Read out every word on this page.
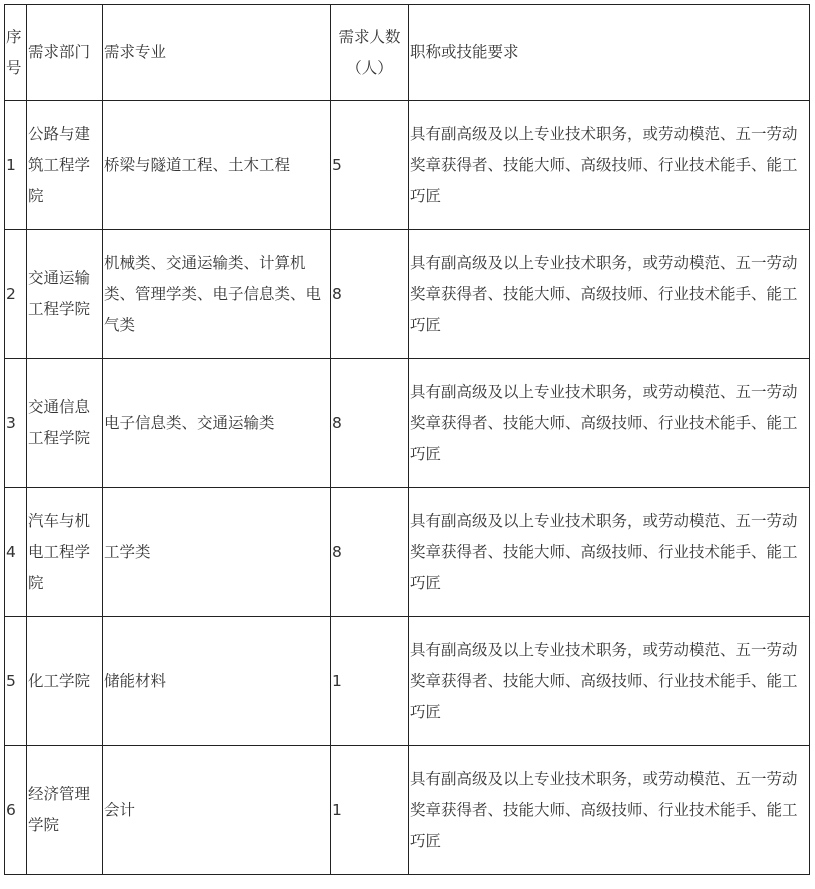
序号	需求部门	需求专业	需求人数（人）	职称或技能要求
1	公路与建筑工程学院	桥梁与隧道工程、土木工程	5	具有副高级及以上专业技术职务，或劳动模范、五一劳动奖章获得者、技能大师、高级技师、行业技术能手、能工巧匠
2	交通运输工程学院	机械类、交通运输类、计算机类、管理学类、电子信息类、电气类	8	具有副高级及以上专业技术职务，或劳动模范、五一劳动奖章获得者、技能大师、高级技师、行业技术能手、能工巧匠
3	交通信息工程学院	电子信息类、交通运输类	8	具有副高级及以上专业技术职务，或劳动模范、五一劳动奖章获得者、技能大师、高级技师、行业技术能手、能工巧匠
4	汽车与机电工程学院	工学类	8	具有副高级及以上专业技术职务，或劳动模范、五一劳动奖章获得者、技能大师、高级技师、行业技术能手、能工巧匠
5	化工学院	储能材料	1	具有副高级及以上专业技术职务，或劳动模范、五一劳动奖章获得者、技能大师、高级技师、行业技术能手、能工巧匠
6	经济管理学院	会计	1	具有副高级及以上专业技术职务，或劳动模范、五一劳动奖章获得者、技能大师、高级技师、行业技术能手、能工巧匠
